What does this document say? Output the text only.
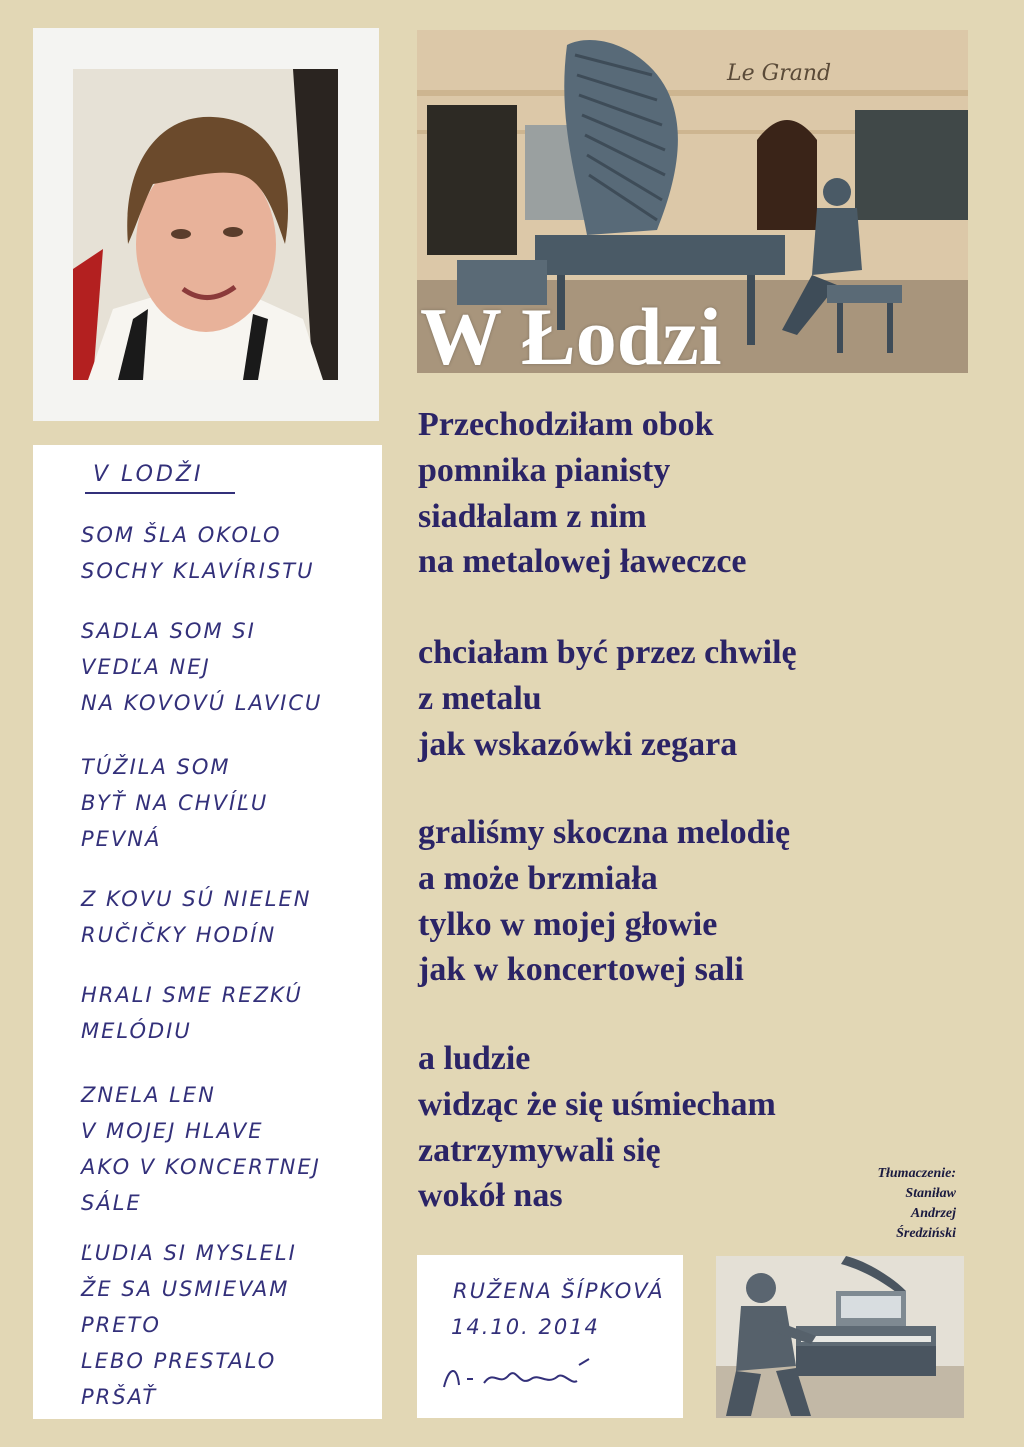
Le Grand
W Łodzi
V LODŽI
SOM ŠLA OKOLO
SOCHY KLAVÍRISTU
SADLA SOM SI
VEDĽA NEJ
NA KOVOVÚ LAVICU
TÚŽILA SOM
BYŤ NA CHVÍĽU
PEVNÁ
Z KOVU SÚ NIELEN
RUČIČKY HODÍN
HRALI SME REZKÚ
MELÓDIU
ZNELA LEN
V MOJEJ HLAVE
AKO V KONCERTNEJ
SÁLE
ĽUDIA SI MYSLELI
ŽE SA USMIEVAM
PRETO
LEBO PRESTALO
PRŠAŤ
Przechodziłam obok
pomnika pianisty
siadłalam z nim
na metalowej ławeczce
chciałam być przez chwilę
z metalu
jak wskazówki zegara
graliśmy skoczna melodię
a może brzmiała
tylko w mojej głowie
jak w koncertowej sali
a ludzie
widząc że się uśmiecham
zatrzymywali się
wokół nas
Tłumaczenie:
Staniław
Andrzej
Średziński
RUŽENA ŠÍPKOVÁ
14.10. 2014
